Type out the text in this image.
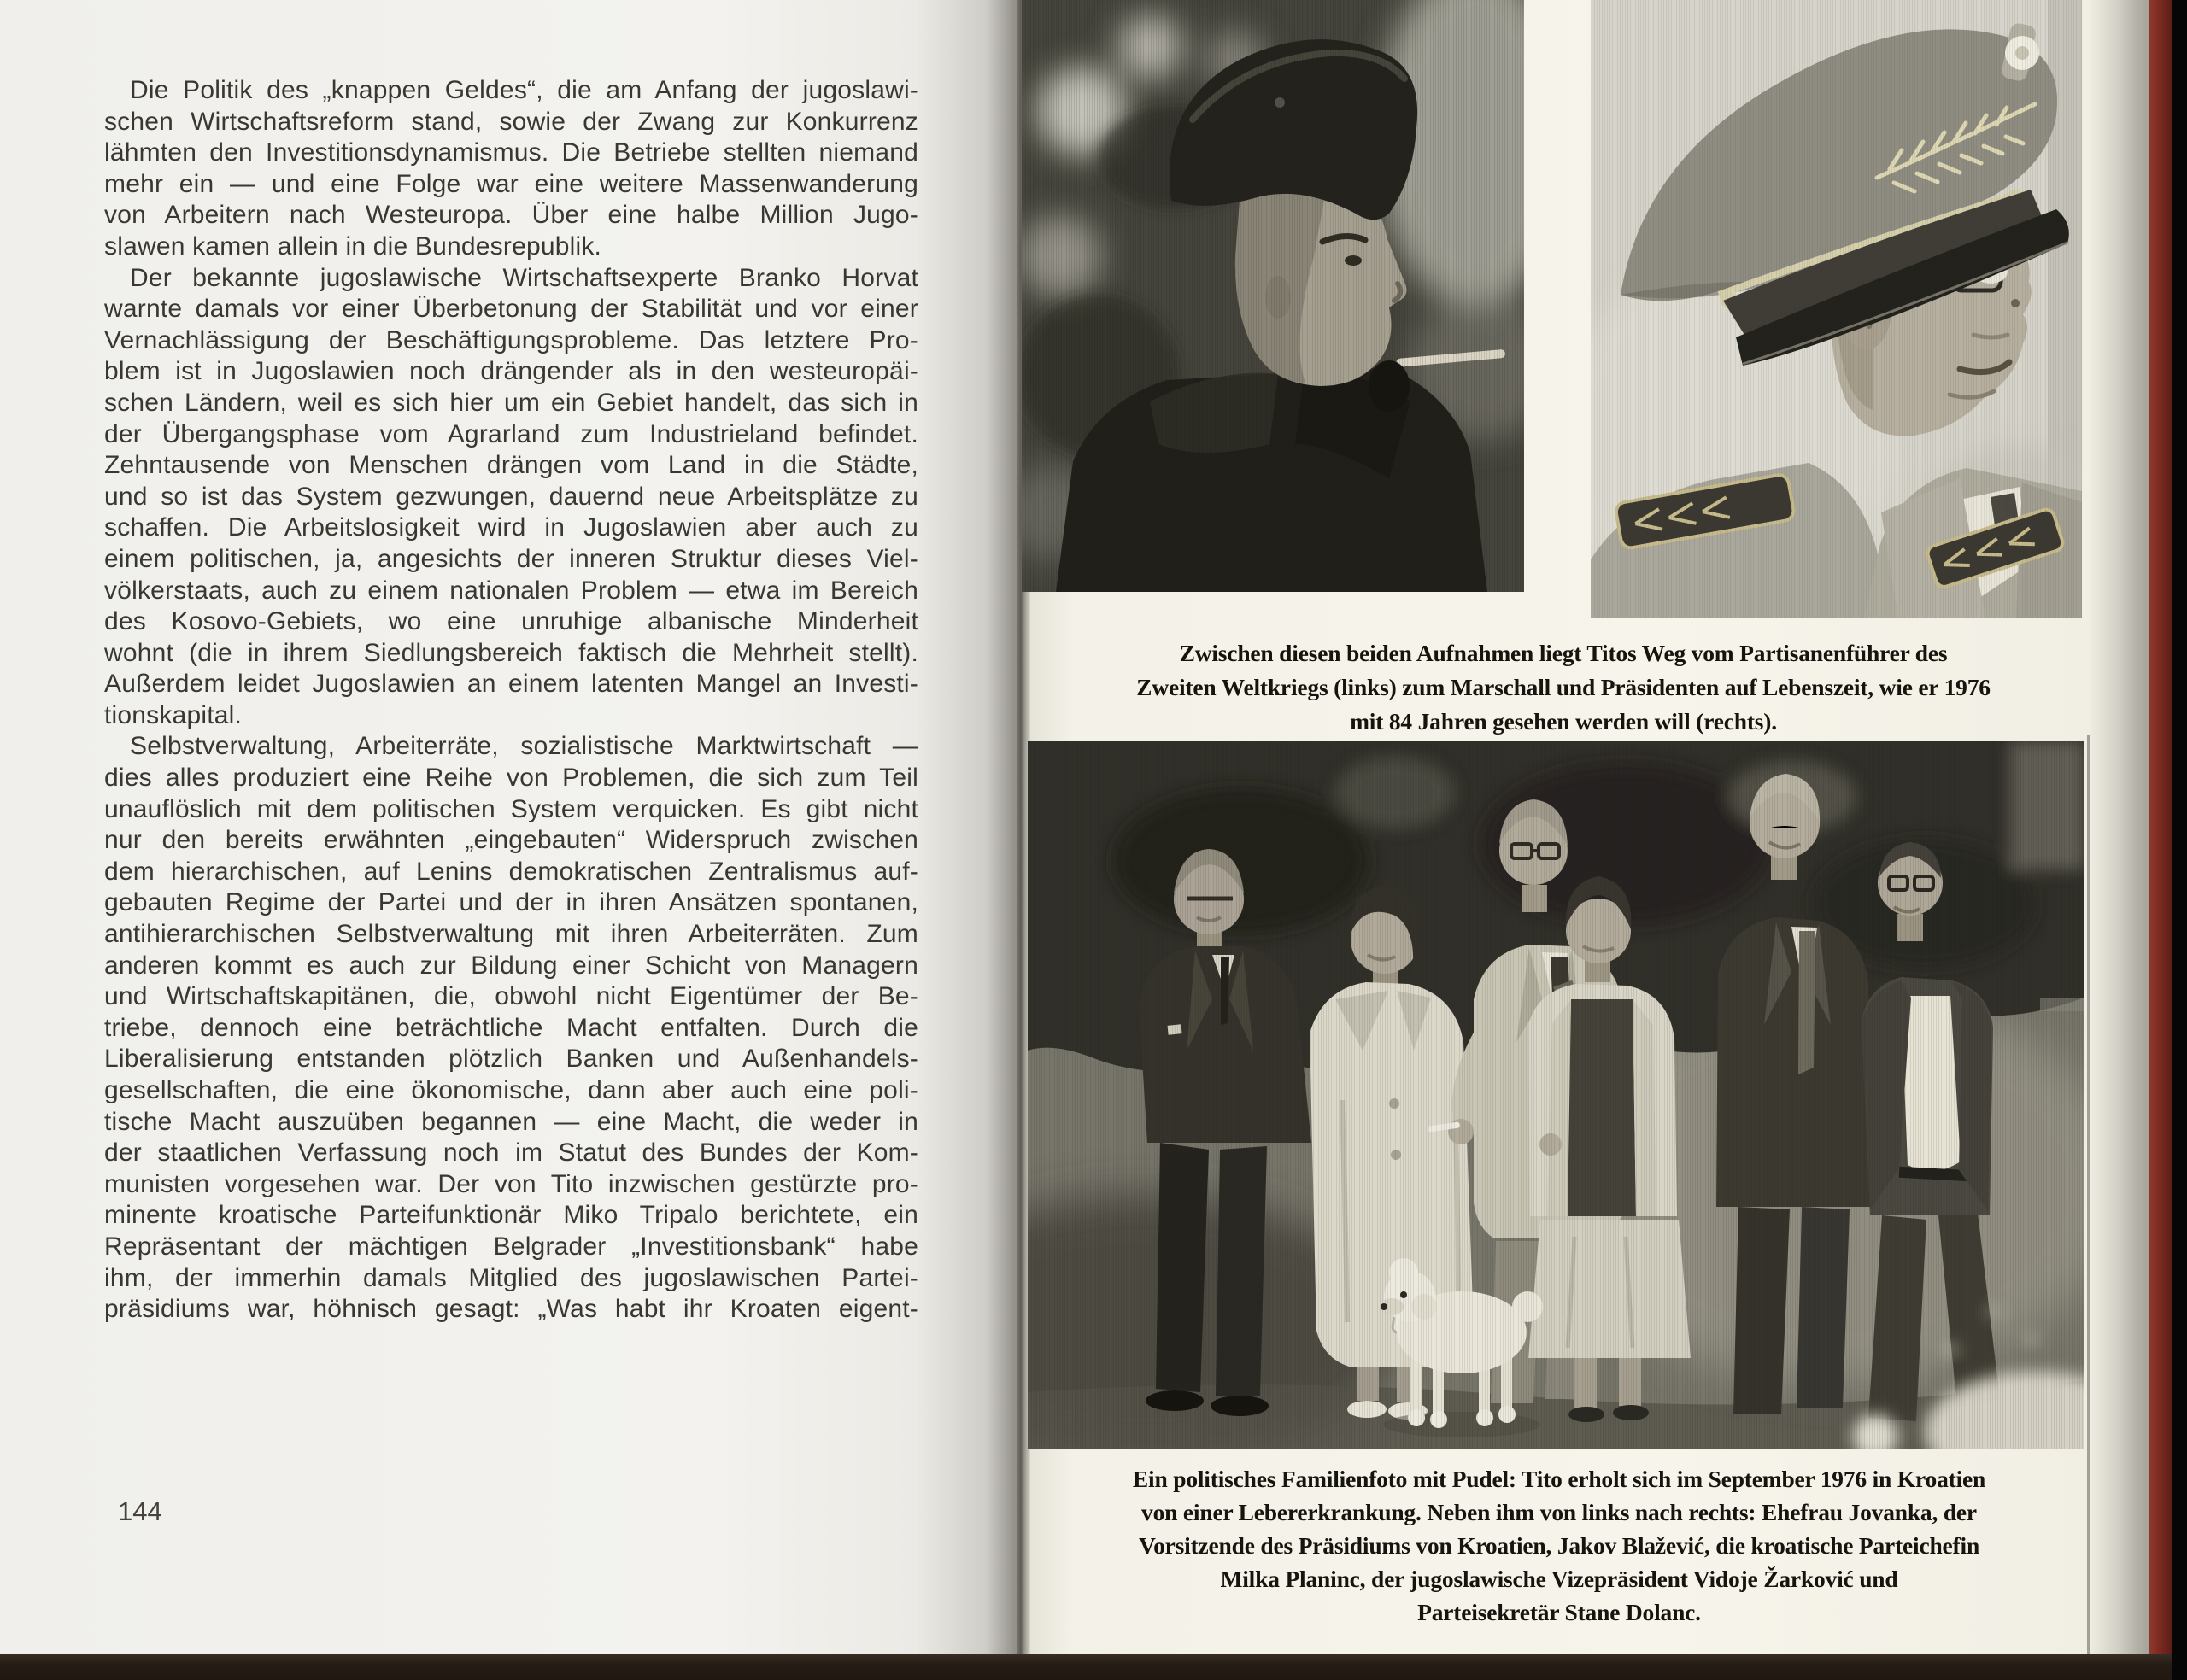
Die Politik des „knappen Geldes“, die am Anfang der jugoslawi-
schen Wirtschaftsreform stand, sowie der Zwang zur Konkurrenz
lähmten den Investitionsdynamismus. Die Betriebe stellten niemand
mehr ein — und eine Folge war eine weitere Massenwanderung
von Arbeitern nach Westeuropa. Über eine halbe Million Jugo-
slawen kamen allein in die Bundesrepublik.
Der bekannte jugoslawische Wirtschaftsexperte Branko Horvat
warnte damals vor einer Überbetonung der Stabilität und vor einer
Vernachlässigung der Beschäftigungsprobleme. Das letztere Pro-
blem ist in Jugoslawien noch drängender als in den westeuropäi-
schen Ländern, weil es sich hier um ein Gebiet handelt, das sich in
der Übergangsphase vom Agrarland zum Industrieland befindet.
Zehntausende von Menschen drängen vom Land in die Städte,
und so ist das System gezwungen, dauernd neue Arbeitsplätze zu
schaffen. Die Arbeitslosigkeit wird in Jugoslawien aber auch zu
einem politischen, ja, angesichts der inneren Struktur dieses Viel-
völkerstaats, auch zu einem nationalen Problem — etwa im Bereich
des Kosovo-Gebiets, wo eine unruhige albanische Minderheit
wohnt (die in ihrem Siedlungsbereich faktisch die Mehrheit stellt).
Außerdem leidet Jugoslawien an einem latenten Mangel an Investi-
tionskapital.
Selbstverwaltung, Arbeiterräte, sozialistische Marktwirtschaft —
dies alles produziert eine Reihe von Problemen, die sich zum Teil
unauflöslich mit dem politischen System verquicken. Es gibt nicht
nur den bereits erwähnten „eingebauten“ Widerspruch zwischen
dem hierarchischen, auf Lenins demokratischen Zentralismus auf-
gebauten Regime der Partei und der in ihren Ansätzen spontanen,
antihierarchischen Selbstverwaltung mit ihren Arbeiterräten. Zum
anderen kommt es auch zur Bildung einer Schicht von Managern
und Wirtschaftskapitänen, die, obwohl nicht Eigentümer der Be-
triebe, dennoch eine beträchtliche Macht entfalten. Durch die
Liberalisierung entstanden plötzlich Banken und Außenhandels-
gesellschaften, die eine ökonomische, dann aber auch eine poli-
tische Macht auszuüben begannen — eine Macht, die weder in
der staatlichen Verfassung noch im Statut des Bundes der Kom-
munisten vorgesehen war. Der von Tito inzwischen gestürzte pro-
minente kroatische Parteifunktionär Miko Tripalo berichtete, ein
Repräsentant der mächtigen Belgrader „Investitionsbank“ habe
ihm, der immerhin damals Mitglied des jugoslawischen Partei-
präsidiums war, höhnisch gesagt: „Was habt ihr Kroaten eigent-
144
Zwischen diesen beiden Aufnahmen liegt Titos Weg vom Partisanenführer des
Zweiten Weltkriegs (links) zum Marschall und Präsidenten auf Lebenszeit, wie er 1976
mit 84 Jahren gesehen werden will (rechts).
Ein politisches Familienfoto mit Pudel: Tito erholt sich im September 1976 in Kroatien
von einer Lebererkrankung. Neben ihm von links nach rechts: Ehefrau Jovanka, der
Vorsitzende des Präsidiums von Kroatien, Jakov Blažević, die kroatische Parteichefin
Milka Planinc, der jugoslawische Vizepräsident Vidoje Žarković und
Parteisekretär Stane Dolanc.
